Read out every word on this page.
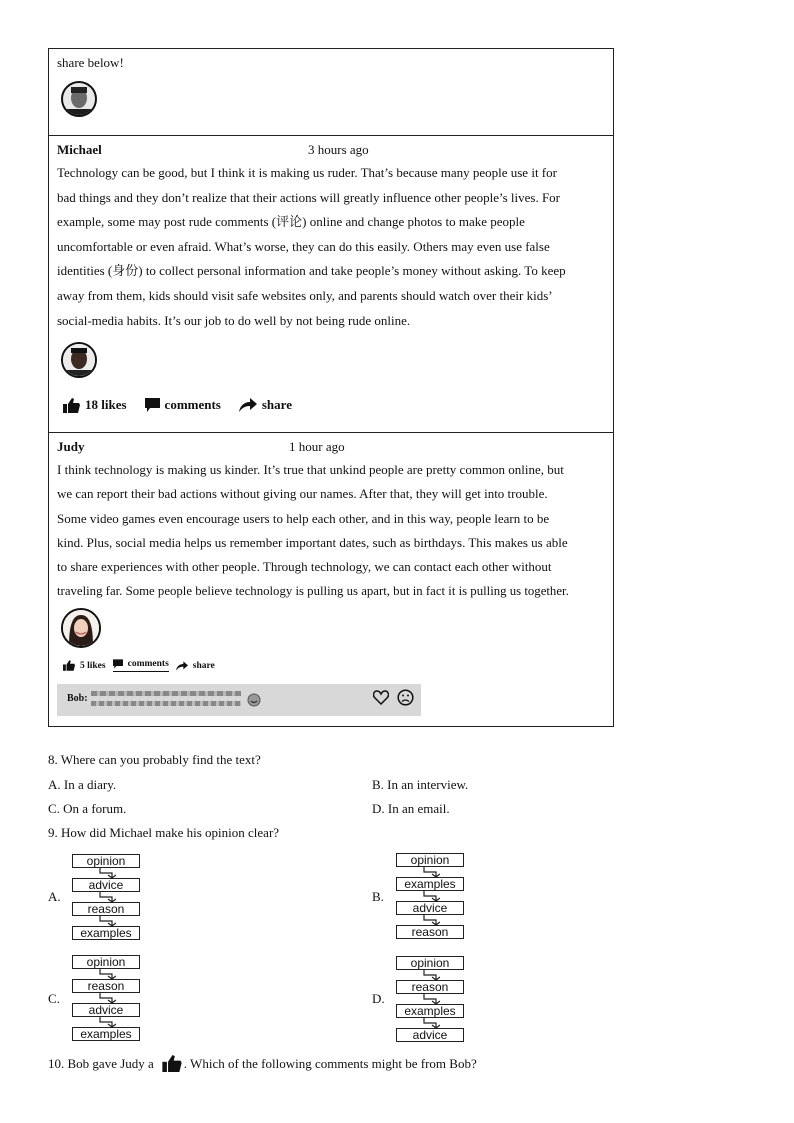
share below!
Michael	3 hours ago
Technology can be good, but I think it is making us ruder. That’s because many people use it for
bad things and they don’t realize that their actions will greatly influence other people’s lives. For
example, some may post rude comments (评论) online and change photos to make people
uncomfortable or even afraid. What’s worse, they can do this easily. Others may even use false
identities (身份) to collect personal information and take people’s money without asking. To keep
away from them, kids should visit safe websites only, and parents should watch over their kids’
social-media habits. It’s our job to do well by not being rude online.
18 likes	comments	share
Judy	1 hour ago
I think technology is making us kinder. It’s true that unkind people are pretty common online, but
we can report their bad actions without giving our names. After that, they will get into trouble.
Some video games even encourage users to help each other, and in this way, people learn to be
kind. Plus, social media helps us remember important dates, such as birthdays. This makes us able
to share experiences with other people. Through technology, we can contact each other without
traveling far. Some people believe technology is pulling us apart, but in fact it is pulling us together.
5 likes comments	share
Bob:
8. Where can you probably find the text?
A. In a diary.	B. In an interview.
C. On a forum.	D. In an email.
9. How did Michael make his opinion clear?
A.
opinion
advice
reason
examples
B.
opinion
examples
advice
reason
C.
opinion
reason
advice
examples
D.
opinion
reason
examples
advice
10. Bob gave Judy a . Which of the following comments might be from Bob?
